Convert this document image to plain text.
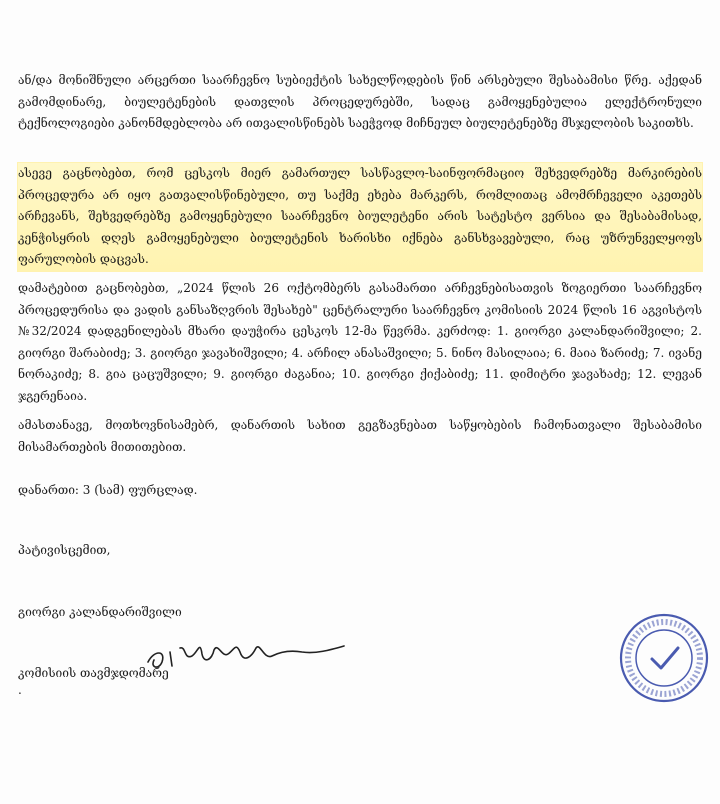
ან/და მონიშნული არცერთი საარჩევნო სუბიექტის სახელწოდების წინ არსებული შესაბამისი წრე. აქედან გამომდინარე, ბიულეტენების დათვლის პროცედურებში, სადაც გამოყენებულია ელექტრონული ტექნოლოგიები კანონმდებლობა არ ითვალისწინებს საეჭვოდ მიჩნეულ ბიულეტენებზე მსჯელობის საკითხს.

ასევე გაცნობებთ, რომ ცესკოს მიერ გამართულ სასწავლო-საინფორმაციო შეხვედრებზე მარკირების პროცედურა არ იყო გათვალისწინებული, თუ საქმე ეხება მარკერს, რომლითაც ამომრჩეველი აკეთებს არჩევანს, შეხვედრებზე გამოყენებული საარჩევნო ბიულეტენი არის სატესტო ვერსია და შესაბამისად, კენჭისყრის დღეს გამოყენებული ბიულეტენის ხარისხი იქნება განსხვავებული, რაც უზრუნველყოფს ფარულობის დაცვას.

დამატებით გაცნობებთ, „2024 წლის 26 ოქტომბერს გასამართი არჩევნებისათვის ზოგიერთი საარჩევნო პროცედურისა და ვადის განსაზღვრის შესახებ" ცენტრალური საარჩევნო კომისიის 2024 წლის 16 აგვისტოს №32/2024 დადგენილებას მხარი დაუჭირა ცესკოს 12-მა წევრმა. კერძოდ: 1. გიორგი კალანდარიშვილი; 2. გიორგი შარაბიძე; 3. გიორგი ჯავახიშვილი; 4. არჩილ ანასაშვილი; 5. ნინო მასილაია; 6. მაია ზარიძე; 7. ივანე ნორაკიძე; 8. გია ცაცუშვილი; 9. გიორგი ძაგანია; 10. გიორგი ქიქაბიძე; 11. დიმიტრი ჯავახაძე; 12. ლევან ჯგერენაია.

ამასთანავე, მოთხოვნისამებრ, დანართის სახით გეგზავნებათ საწყობების ჩამონათვალი შესაბამისი მისამართების მითითებით.

დანართი: 3 (სამ) ფურცლად.

პატივისცემით,

გიორგი კალანდარიშვილი

კომისიის თავმჯდომარე

.
